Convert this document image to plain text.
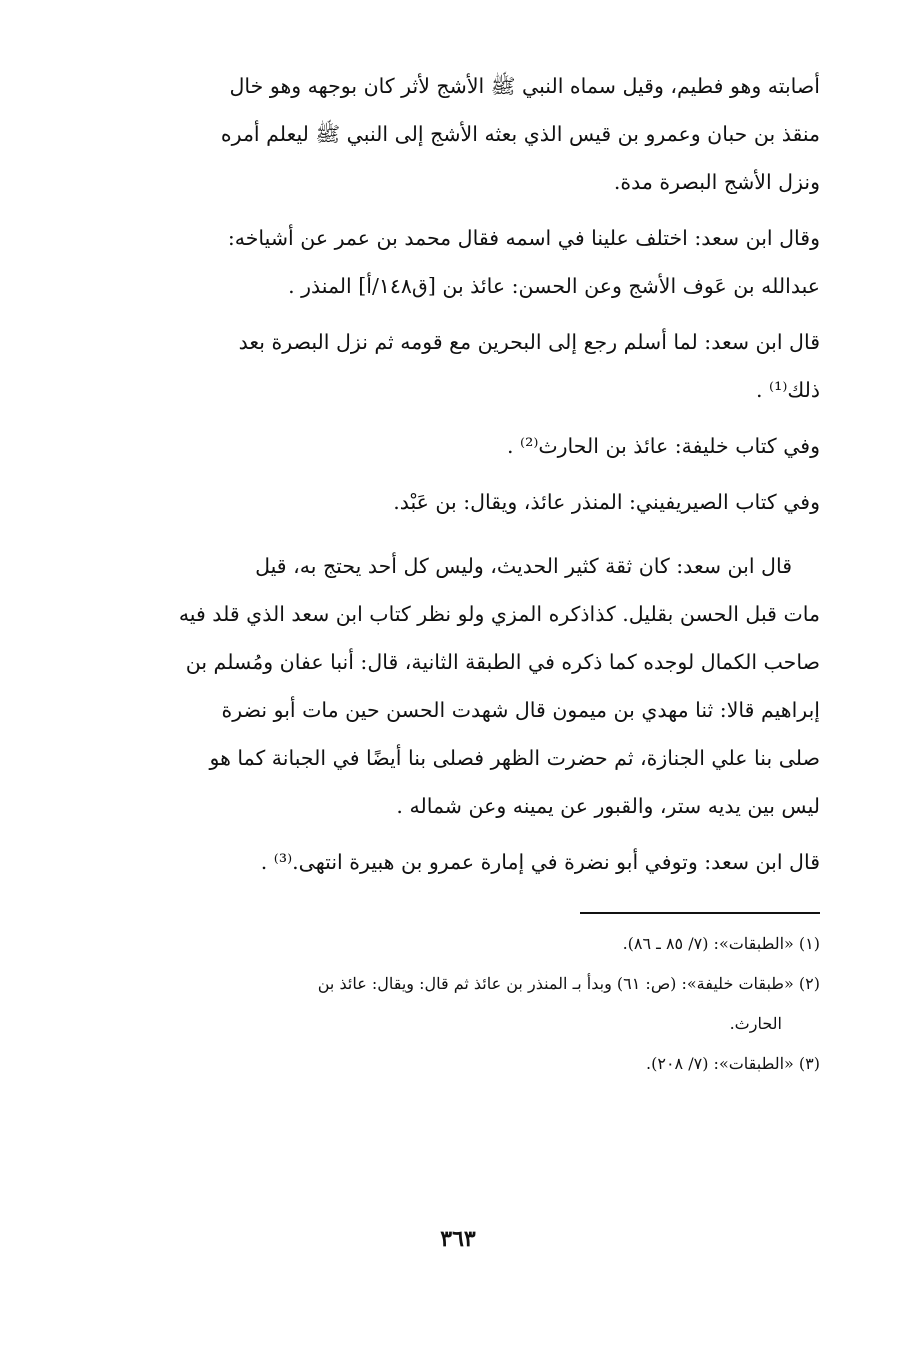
أصابته وهو فطيم، وقيل سماه النبي ﷺ الأشج لأثر كان بوجهه وهو خال
منقذ بن حبان وعمرو بن قيس الذي بعثه الأشج إلى النبي ﷺ ليعلم أمره
ونزل الأشج البصرة مدة.

وقال ابن سعد: اختلف علينا في اسمه فقال محمد بن عمر عن أشياخه:
عبدالله بن عَوف الأشج وعن الحسن: عائذ بن [ق١٤٨/أ] المنذر .

قال ابن سعد: لما أسلم رجع إلى البحرين مع قومه ثم نزل البصرة بعد
ذلك⁽¹⁾ .

وفي كتاب خليفة: عائذ بن الحارث⁽²⁾ .

وفي كتاب الصيريفيني: المنذر عائذ، ويقال: بن عَبْد.

قال ابن سعد: كان ثقة كثير الحديث، وليس كل أحد يحتج به، قيل
مات قبل الحسن بقليل. كذاذكره المزي ولو نظر كتاب ابن سعد الذي قلد فيه
صاحب الكمال لوجده كما ذكره في الطبقة الثانية، قال: أنبا عفان ومُسلم بن
إبراهيم قالا: ثنا مهدي بن ميمون قال شهدت الحسن حين مات أبو نضرة
صلى بنا علي الجنازة، ثم حضرت الظهر فصلى بنا أيضًا في الجبانة كما هو
ليس بين يديه ستر، والقبور عن يمينه وعن شماله .

قال ابن سعد: وتوفي أبو نضرة في إمارة عمرو بن هبيرة انتهى.⁽³⁾ .

(١) «الطبقات»: (٧/ ٨٥ ـ ٨٦).

(٢) «طبقات خليفة»: (ص: ٦١) وبدأ بـ المنذر بن عائذ ثم قال: ويقال: عائذ بن

الحارث.

(٣) «الطبقات»: (٧/ ٢٠٨).

٣٦٣
